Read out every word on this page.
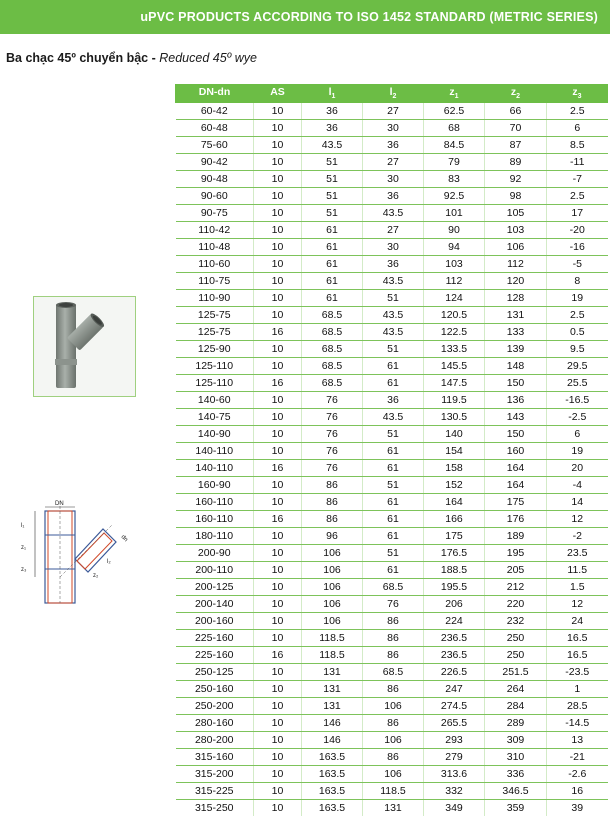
uPVC PRODUCTS ACCORDING TO ISO 1452 STANDARD (METRIC SERIES)
Ba chạc 45º chuyển bậc - Reduced 45º wye
DN
dn
l₁
z₁
z₃
l₂
z₂
DN-dn	AS	$l_1$	$l_2$	$z_1$	$z_2$	$z_3$
60-42	10	36	27	62.5	66	2.5
60-48	10	36	30	68	70	6
75-60	10	43.5	36	84.5	87	8.5
90-42	10	51	27	79	89	-11
90-48	10	51	30	83	92	-7
90-60	10	51	36	92.5	98	2.5
90-75	10	51	43.5	101	105	17
110-42	10	61	27	90	103	-20
110-48	10	61	30	94	106	-16
110-60	10	61	36	103	112	-5
110-75	10	61	43.5	112	120	8
110-90	10	61	51	124	128	19
125-75	10	68.5	43.5	120.5	131	2.5
125-75	16	68.5	43.5	122.5	133	0.5
125-90	10	68.5	51	133.5	139	9.5
125-110	10	68.5	61	145.5	148	29.5
125-110	16	68.5	61	147.5	150	25.5
140-60	10	76	36	119.5	136	-16.5
140-75	10	76	43.5	130.5	143	-2.5
140-90	10	76	51	140	150	6
140-110	10	76	61	154	160	19
140-110	16	76	61	158	164	20
160-90	10	86	51	152	164	-4
160-110	10	86	61	164	175	14
160-110	16	86	61	166	176	12
180-110	10	96	61	175	189	-2
200-90	10	106	51	176.5	195	23.5
200-110	10	106	61	188.5	205	11.5
200-125	10	106	68.5	195.5	212	1.5
200-140	10	106	76	206	220	12
200-160	10	106	86	224	232	24
225-160	10	118.5	86	236.5	250	16.5
225-160	16	118.5	86	236.5	250	16.5
250-125	10	131	68.5	226.5	251.5	-23.5
250-160	10	131	86	247	264	1
250-200	10	131	106	274.5	284	28.5
280-160	10	146	86	265.5	289	-14.5
280-200	10	146	106	293	309	13
315-160	10	163.5	86	279	310	-21
315-200	10	163.5	106	313.6	336	-2.6
315-225	10	163.5	118.5	332	346.5	16
315-250	10	163.5	131	349	359	39
